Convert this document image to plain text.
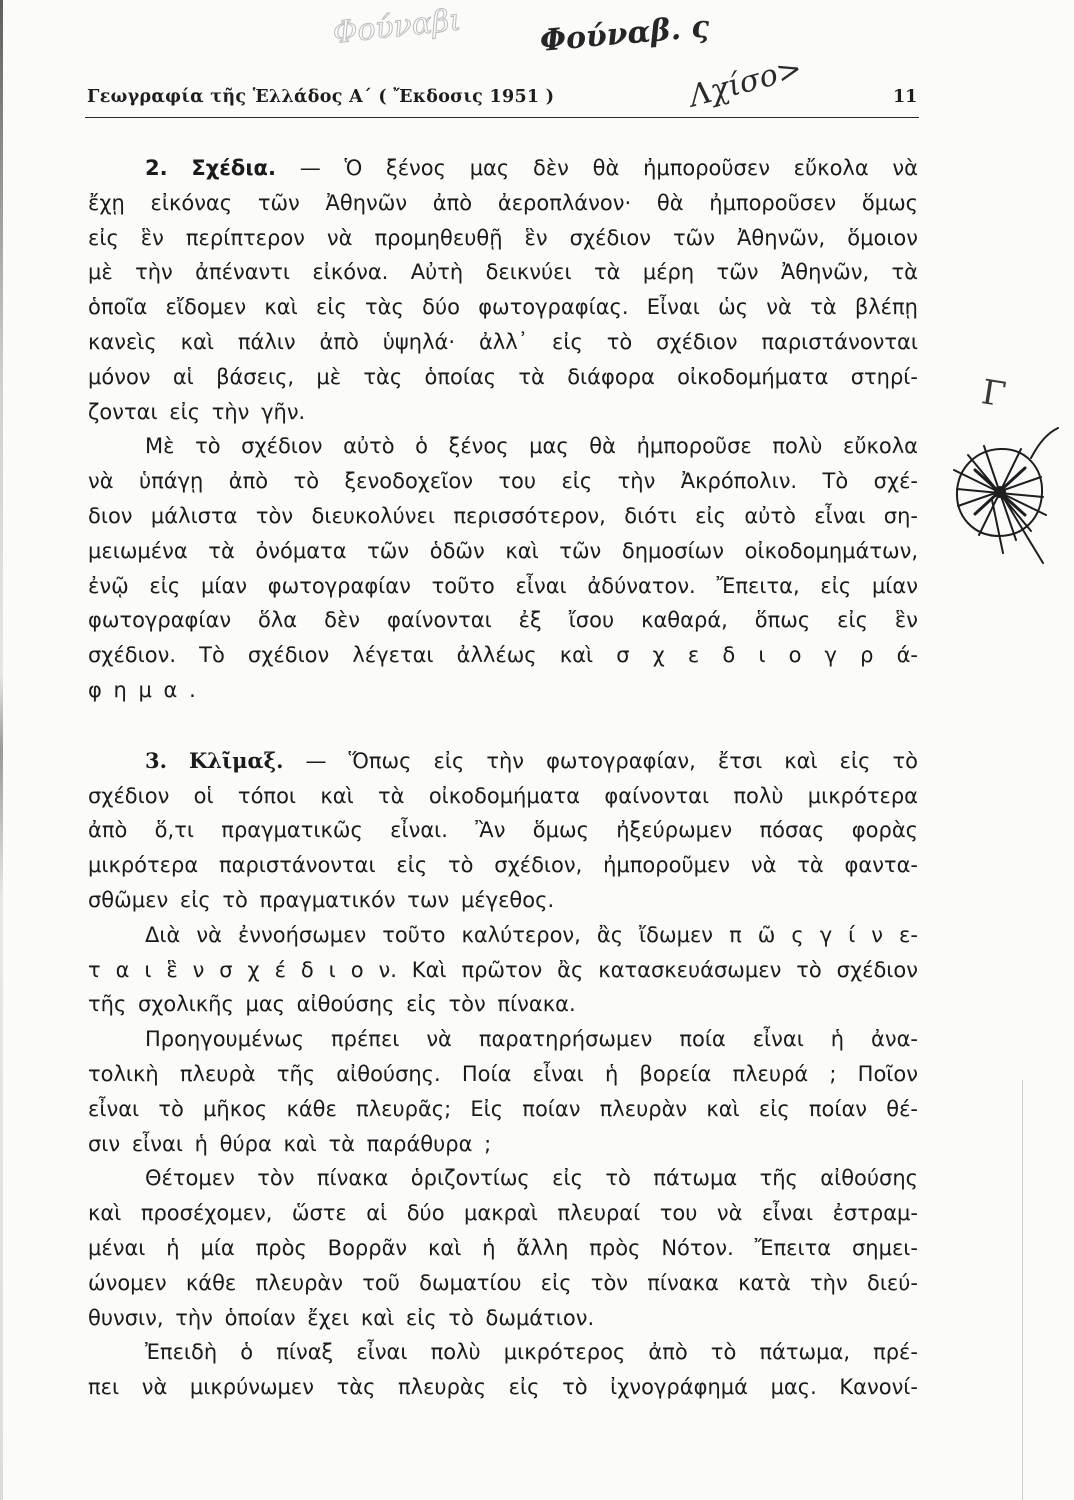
Φούναβι	Φούναβ. ς
Λχίσο>
Γ
Γεωγραφία τῆς Ἑλλάδος Α΄ ( Ἔκδοσις 1951 )	11
2. Σχέδια. — Ὁ ξένος μας δὲν θὰ ἠμποροῦσεν εὔκολα νὰ
ἔχῃ εἰκόνας τῶν Ἀθηνῶν ἀπὸ ἀεροπλάνον· θὰ ἠμποροῦσεν ὅμως
εἰς ἓν περίπτερον νὰ προμηθευθῇ ἓν σχέδιον τῶν Ἀθηνῶν, ὅμοιον
μὲ τὴν ἀπέναντι εἰκόνα. Αὐτὴ δεικνύει τὰ μέρη τῶν Ἀθηνῶν, τὰ
ὁποῖα εἴδομεν καὶ εἰς τὰς δύο φωτογραφίας. Εἶναι ὡς νὰ τὰ βλέπῃ
κανεὶς καὶ πάλιν ἀπὸ ὑψηλά· ἀλλ᾿ εἰς τὸ σχέδιον παριστάνονται
μόνον αἱ βάσεις, μὲ τὰς ὁποίας τὰ διάφορα οἰκοδομήματα στηρί-
ζονται εἰς τὴν γῆν.
Μὲ τὸ σχέδιον αὐτὸ ὁ ξένος μας θὰ ἠμποροῦσε πολὺ εὔκολα
νὰ ὑπάγῃ ἀπὸ τὸ ξενοδοχεῖον του εἰς τὴν Ἀκρόπολιν. Τὸ σχέ-
διον μάλιστα τὸν διευκολύνει περισσότερον, διότι εἰς αὐτὸ εἶναι ση-
μειωμένα τὰ ὀνόματα τῶν ὁδῶν καὶ τῶν δημοσίων οἰκοδομημάτων,
ἐνῷ εἰς μίαν φωτογραφίαν τοῦτο εἶναι ἀδύνατον. Ἔπειτα, εἰς μίαν
φωτογραφίαν ὅλα δὲν φαίνονται ἐξ ἴσου καθαρά, ὅπως εἰς ἓν
σχέδιον. Τὸ σχέδιον λέγεται ἀλλέως καὶ σ χ ε δ ι ο γ ρ ά-
φ η μ α .
3. Κλῖμαξ. — Ὅπως εἰς τὴν φωτογραφίαν, ἔτσι καὶ εἰς τὸ
σχέδιον οἱ τόποι καὶ τὰ οἰκοδομήματα φαίνονται πολὺ μικρότερα
ἀπὸ ὅ,τι πραγματικῶς εἶναι. Ἂν ὅμως ἠξεύρωμεν πόσας φορὰς
μικρότερα παριστάνονται εἰς τὸ σχέδιον, ἠμποροῦμεν νὰ τὰ φαντα-
σθῶμεν εἰς τὸ πραγματικόν των μέγεθος.
Διὰ νὰ ἐννοήσωμεν τοῦτο καλύτερον, ἂς ἴδωμεν π ῶ ς γ ί ν ε-
τ α ι ἓ ν σ χ έ δ ι ο ν. Καὶ πρῶτον ἂς κατασκευάσωμεν τὸ σχέδιον
τῆς σχολικῆς μας αἰθούσης εἰς τὸν πίνακα.
Προηγουμένως πρέπει νὰ παρατηρήσωμεν ποία εἶναι ἡ ἀνα-
τολικὴ πλευρὰ τῆς αἰθούσης. Ποία εἶναι ἡ βορεία πλευρά ; Ποῖον
εἶναι τὸ μῆκος κάθε πλευρᾶς; Εἰς ποίαν πλευρὰν καὶ εἰς ποίαν θέ-
σιν εἶναι ἡ θύρα καὶ τὰ παράθυρα ;
Θέτομεν τὸν πίνακα ὁριζοντίως εἰς τὸ πάτωμα τῆς αἰθούσης
καὶ προσέχομεν, ὥστε αἱ δύο μακραὶ πλευραί του νὰ εἶναι ἐστραμ-
μέναι ἡ μία πρὸς Βορρᾶν καὶ ἡ ἄλλη πρὸς Νότον. Ἔπειτα σημει-
ώνομεν κάθε πλευρὰν τοῦ δωματίου εἰς τὸν πίνακα κατὰ τὴν διεύ-
θυνσιν, τὴν ὁποίαν ἔχει καὶ εἰς τὸ δωμάτιον.
Ἐπειδὴ ὁ πίναξ εἶναι πολὺ μικρότερος ἀπὸ τὸ πάτωμα, πρέ-
πει νὰ μικρύνωμεν τὰς πλευρὰς εἰς τὸ ἰχνογράφημά μας. Κανονί-
